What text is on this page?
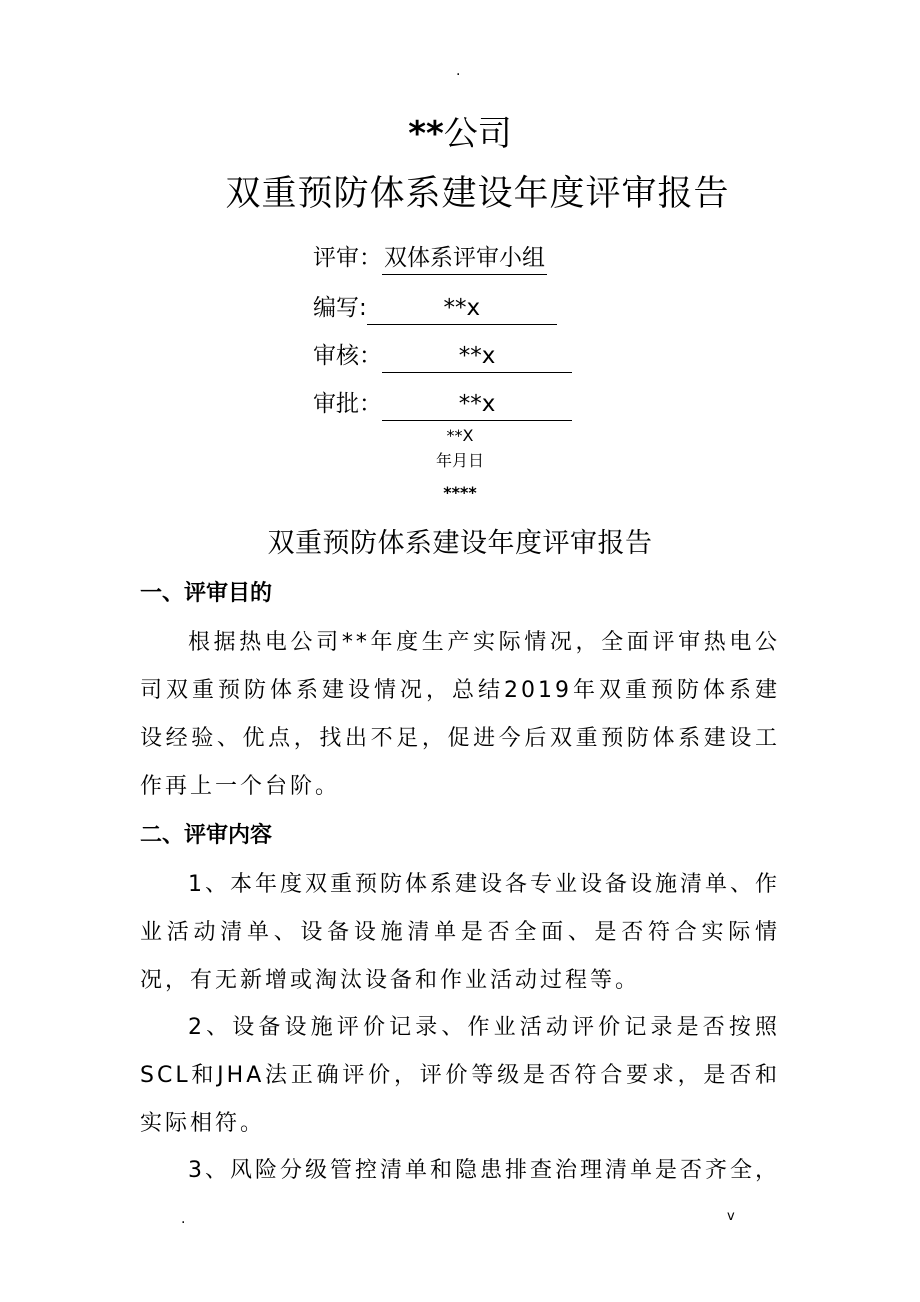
.
**公司
双重预防体系建设年度评审报告
评审：双体系评审小组
编写:	**x
审核：	**x
审批：	**x
**X
年月日
****
双重预防体系建设年度评审报告
一、评审目的
根据热电公司**年度生产实际情况，全面评审热电公司双重预防体系建设情况，总结2019年双重预防体系建设经验、优点，找出不足，促进今后双重预防体系建设工作再上一个台阶。
二、评审内容
1、本年度双重预防体系建设各专业设备设施清单、作业活动清单、设备设施清单是否全面、是否符合实际情况，有无新增或淘汰设备和作业活动过程等。
2、设备设施评价记录、作业活动评价记录是否按照SCL和JHA法正确评价，评价等级是否符合要求，是否和实际相符。
3、风险分级管控清单和隐患排查治理清单是否齐全，
.	v
